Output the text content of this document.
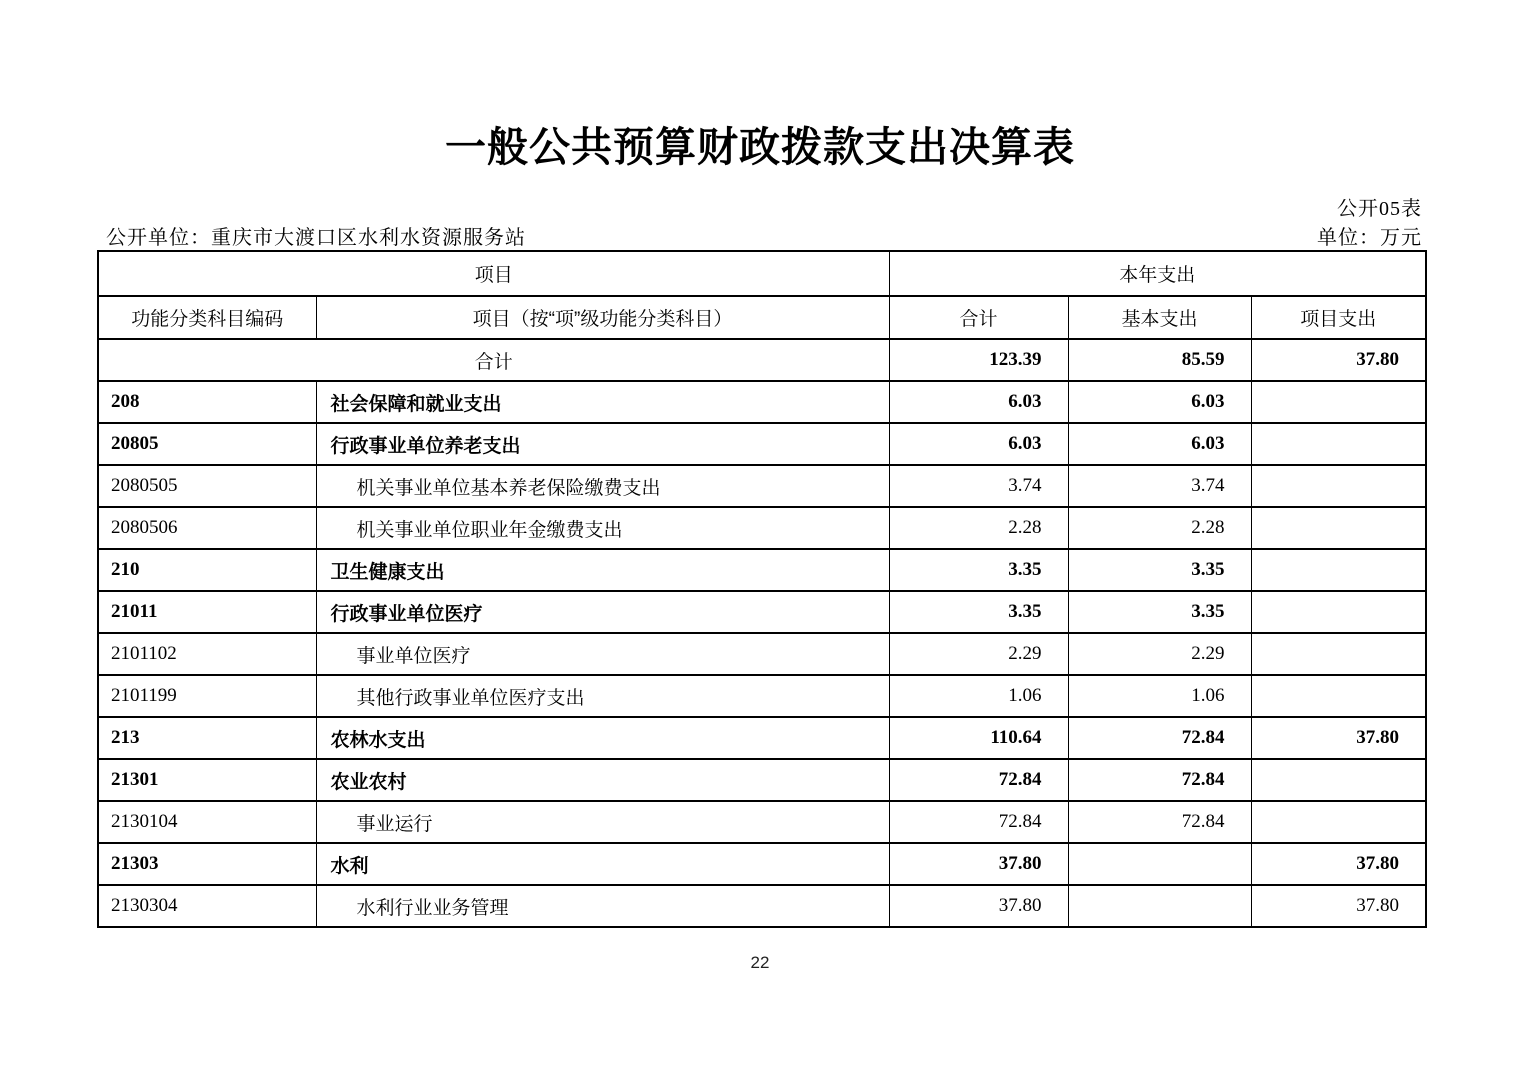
一般公共预算财政拨款支出决算表
公开05表
公开单位：重庆市大渡口区水利水资源服务站	单位：万元
项目		本年支出		
功能分类科目编码	项目（按“项”级功能分类科目）	合计	基本支出	项目支出
合计		123.39	85.59	37.80
208	社会保障和就业支出	6.03	6.03	
20805	行政事业单位养老支出	6.03	6.03	
2080505	机关事业单位基本养老保险缴费支出	3.74	3.74	
2080506	机关事业单位职业年金缴费支出	2.28	2.28	
210	卫生健康支出	3.35	3.35	
21011	行政事业单位医疗	3.35	3.35	
2101102	事业单位医疗	2.29	2.29	
2101199	其他行政事业单位医疗支出	1.06	1.06	
213	农林水支出	110.64	72.84	37.80
21301	农业农村	72.84	72.84	
2130104	事业运行	72.84	72.84	
21303	水利	37.80		37.80
2130304	水利行业业务管理	37.80		37.80
22
